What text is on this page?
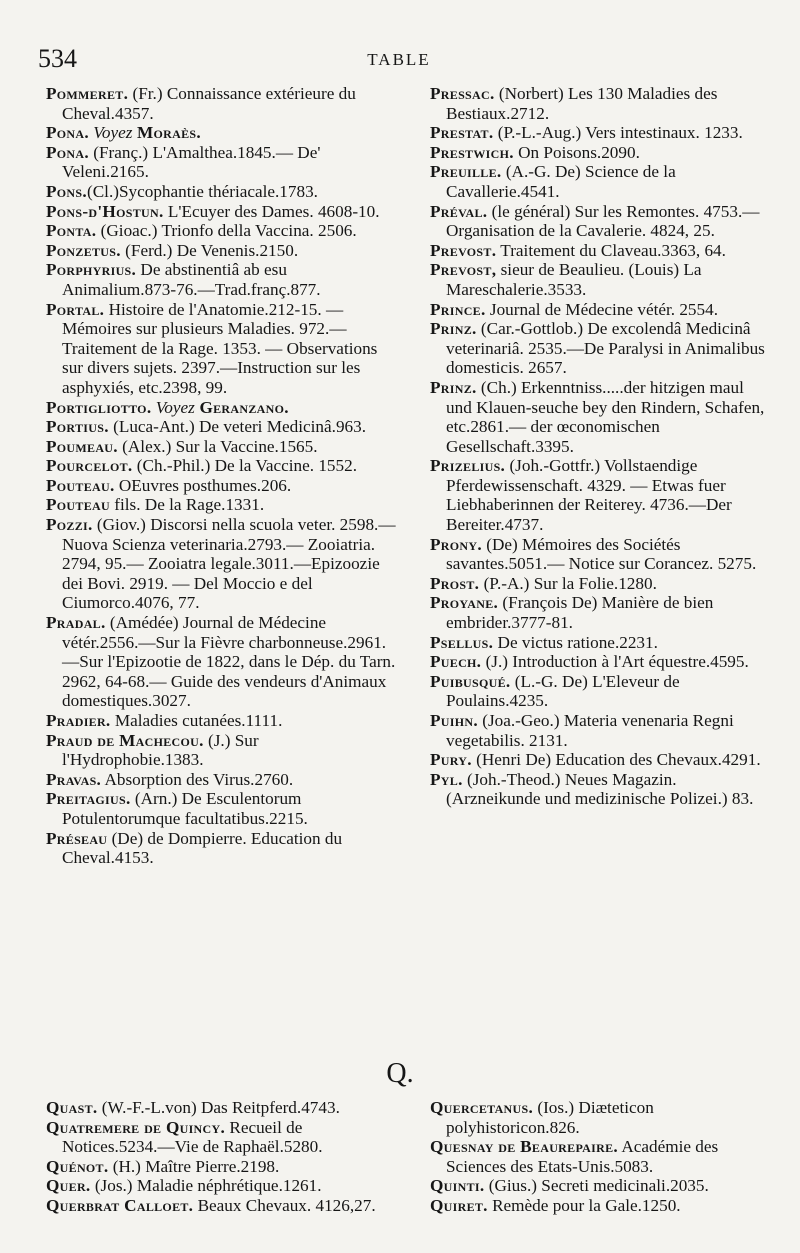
534	TABLE

Pommeret. (Fr.) Connaissance extérieure du Cheval.4357.

Pona. Voyez Moraès.

Pona. (Franç.) L'Amalthea.1845.— De' Veleni.2165.

Pons.(Cl.)Sycophantie thériacale.1783.

Pons-d'Hostun. L'Ecuyer des Dames. 4608-10.

Ponta. (Gioac.) Trionfo della Vaccina. 2506.

Ponzetus. (Ferd.) De Venenis.2150.

Porphyrius. De abstinentiâ ab esu Animalium.873-76.—Trad.franç.877.

Portal. Histoire de l'Anatomie.212-15. — Mémoires sur plusieurs Maladies. 972.— Traitement de la Rage. 1353. — Observations sur divers sujets. 2397.—Instruction sur les asphyxiés, etc.2398, 99.

Portigliotto. Voyez Geranzano.

Portius. (Luca-Ant.) De veteri Medicinâ.963.

Poumeau. (Alex.) Sur la Vaccine.1565.

Pourcelot. (Ch.-Phil.) De la Vaccine. 1552.

Pouteau. OEuvres posthumes.206.

Pouteau fils. De la Rage.1331.

Pozzi. (Giov.) Discorsi nella scuola veter. 2598.— Nuova Scienza veterinaria.2793.— Zooiatria. 2794, 95.— Zooiatra legale.3011.—Epizoozie dei Bovi. 2919. — Del Moccio e del Ciumorco.4076, 77.

Pradal. (Amédée) Journal de Médecine vétér.2556.—Sur la Fièvre charbonneuse.2961.—Sur l'Epizootie de 1822, dans le Dép. du Tarn. 2962, 64-68.— Guide des vendeurs d'Animaux domestiques.3027.

Pradier. Maladies cutanées.1111.

Praud de Machecou. (J.) Sur l'Hydrophobie.1383.

Pravas. Absorption des Virus.2760.

Preitagius. (Arn.) De Esculentorum Potulentorumque facultatibus.2215.

Préseau (De) de Dompierre. Education du Cheval.4153.

Pressac. (Norbert) Les 130 Maladies des Bestiaux.2712.

Prestat. (P.-L.-Aug.) Vers intestinaux. 1233.

Prestwich. On Poisons.2090.

Preuille. (A.-G. De) Science de la Cavallerie.4541.

Préval. (le général) Sur les Remontes. 4753.— Organisation de la Cavalerie. 4824, 25.

Prevost. Traitement du Claveau.3363, 64.

Prevost, sieur de Beaulieu. (Louis) La Mareschalerie.3533.

Prince. Journal de Médecine vétér. 2554.

Prinz. (Car.-Gottlob.) De excolendâ Medicinâ veterinariâ. 2535.—De Paralysi in Animalibus domesticis. 2657.

Prinz. (Ch.) Erkenntniss.....der hitzigen maul und Klauen-seuche bey den Rindern, Schafen, etc.2861.— der œconomischen Gesellschaft.3395.

Prizelius. (Joh.-Gottfr.) Vollstaendige Pferdewissenschaft. 4329. — Etwas fuer Liebhaberinnen der Reiterey. 4736.—Der Bereiter.4737.

Prony. (De) Mémoires des Sociétés savantes.5051.— Notice sur Corancez. 5275.

Prost. (P.-A.) Sur la Folie.1280.

Proyane. (François De) Manière de bien embrider.3777-81.

Psellus. De victus ratione.2231.

Puech. (J.) Introduction à l'Art équestre.4595.

Puibusqué. (L.-G. De) L'Eleveur de Poulains.4235.

Puihn. (Joa.-Geo.) Materia venenaria Regni vegetabilis. 2131.

Pury. (Henri De) Education des Chevaux.4291.

Pyl. (Joh.-Theod.) Neues Magazin. (Arzneikunde und medizinische Polizei.) 83.

Q.

Quast. (W.-F.-L.von) Das Reitpferd.4743.

Quatremere de Quincy. Recueil de Notices.5234.—Vie de Raphaël.5280.

Quénot. (H.) Maître Pierre.2198.

Quer. (Jos.) Maladie néphrétique.1261.

Querbrat Calloet. Beaux Chevaux. 4126,27.

Quercetanus. (Ios.) Diæteticon polyhistoricon.826.

Quesnay de Beaurepaire. Académie des Sciences des Etats-Unis.5083.

Quinti. (Gius.) Secreti medicinali.2035.

Quiret. Remède pour la Gale.1250.
